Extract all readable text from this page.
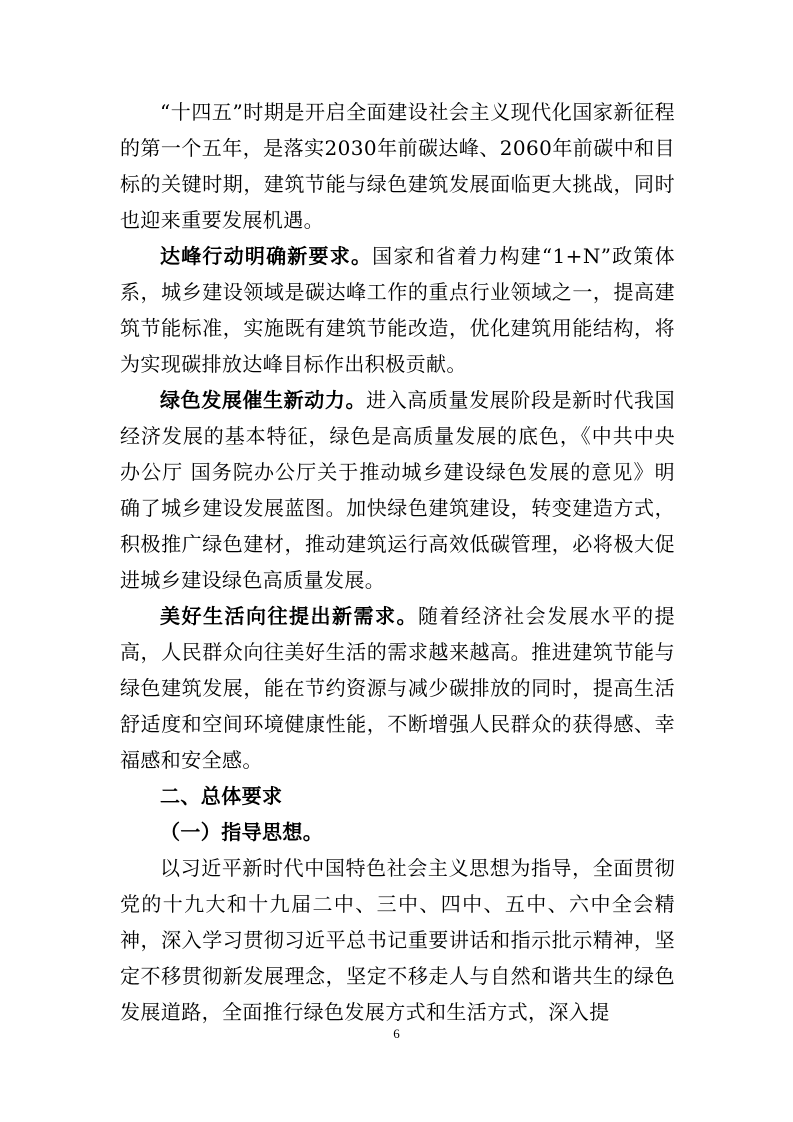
“十四五”时期是开启全面建设社会主义现代化国家新征程的第一个五年，是落实2030年前碳达峰、2060年前碳中和目标的关键时期，建筑节能与绿色建筑发展面临更大挑战，同时也迎来重要发展机遇。

达峰行动明确新要求。国家和省着力构建“1+N”政策体系，城乡建设领域是碳达峰工作的重点行业领域之一，提高建筑节能标准，实施既有建筑节能改造，优化建筑用能结构，将为实现碳排放达峰目标作出积极贡献。

绿色发展催生新动力。进入高质量发展阶段是新时代我国经济发展的基本特征，绿色是高质量发展的底色，《中共中央办公厅 国务院办公厅关于推动城乡建设绿色发展的意见》明确了城乡建设发展蓝图。加快绿色建筑建设，转变建造方式，积极推广绿色建材，推动建筑运行高效低碳管理，必将极大促进城乡建设绿色高质量发展。

美好生活向往提出新需求。随着经济社会发展水平的提高，人民群众向往美好生活的需求越来越高。推进建筑节能与绿色建筑发展，能在节约资源与减少碳排放的同时，提高生活舒适度和空间环境健康性能，不断增强人民群众的获得感、幸福感和安全感。

二、总体要求

（一）指导思想。

以习近平新时代中国特色社会主义思想为指导，全面贯彻党的十九大和十九届二中、三中、四中、五中、六中全会精神，深入学习贯彻习近平总书记重要讲话和指示批示精神，坚定不移贯彻新发展理念，坚定不移走人与自然和谐共生的绿色发展道路，全面推行绿色发展方式和生活方式，深入提

6
